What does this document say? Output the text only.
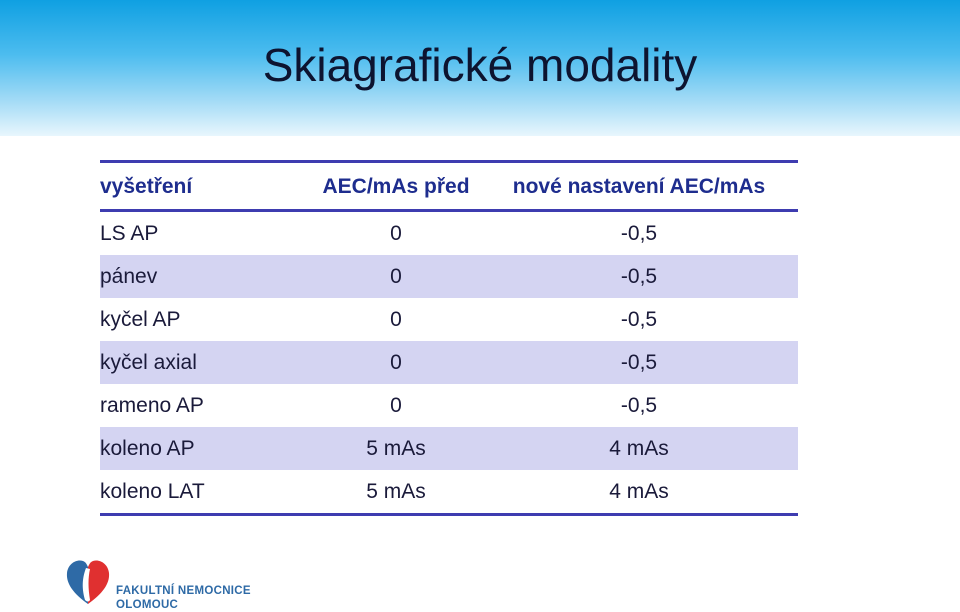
Skiagrafické modality
vyšetření	AEC/mAs před	nové nastavení AEC/mAs
LS AP	0	-0,5
pánev	0	-0,5
kyčel AP	0	-0,5
kyčel axial	0	-0,5
rameno AP	0	-0,5
koleno AP	5 mAs	4 mAs
koleno LAT	5 mAs	4 mAs
FAKULTNÍ NEMOCNICE
OLOMOUC
